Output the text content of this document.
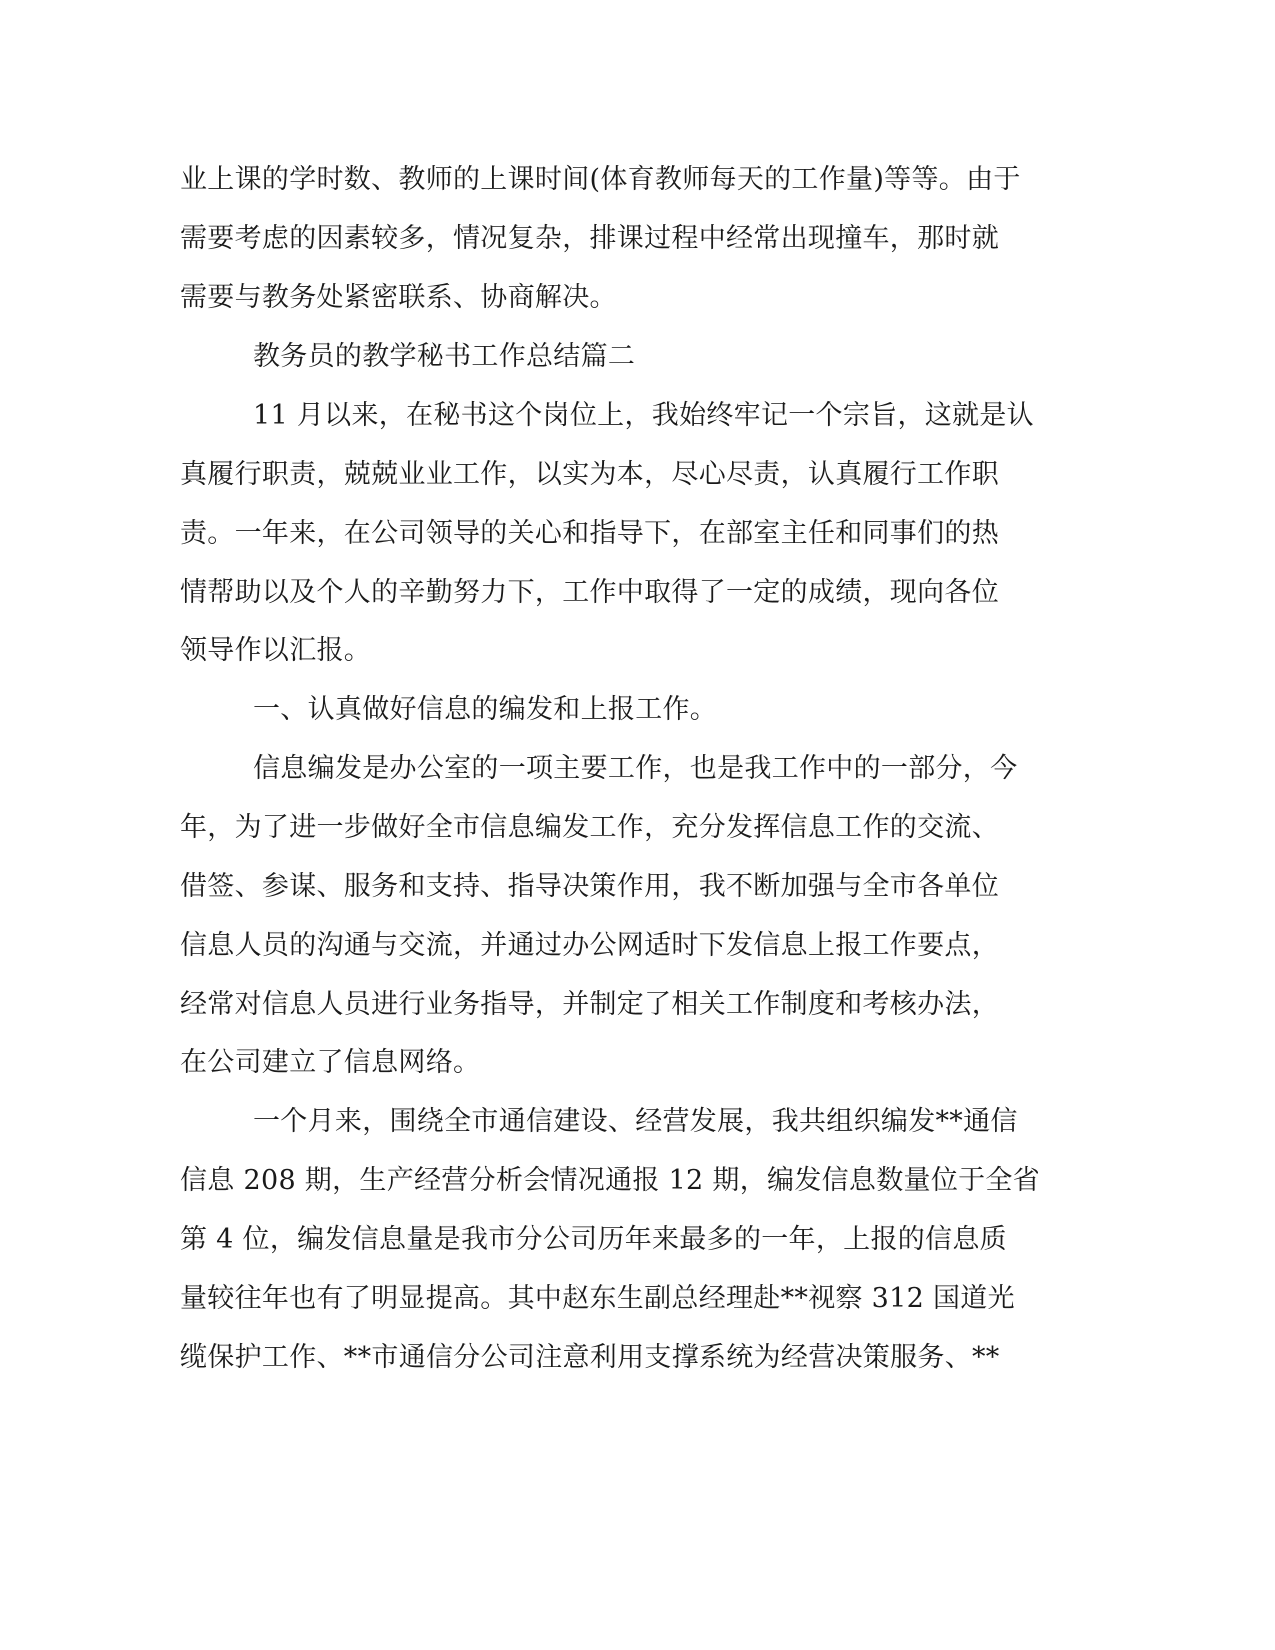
业上课的学时数、教师的上课时间(体育教师每天的工作量)等等。由于
需要考虑的因素较多，情况复杂，排课过程中经常出现撞车，那时就
需要与教务处紧密联系、协商解决。
教务员的教学秘书工作总结篇二
11 月以来，在秘书这个岗位上，我始终牢记一个宗旨，这就是认
真履行职责，兢兢业业工作，以实为本，尽心尽责，认真履行工作职
责。一年来，在公司领导的关心和指导下，在部室主任和同事们的热
情帮助以及个人的辛勤努力下，工作中取得了一定的成绩，现向各位
领导作以汇报。
一、认真做好信息的编发和上报工作。
信息编发是办公室的一项主要工作，也是我工作中的一部分，今
年，为了进一步做好全市信息编发工作，充分发挥信息工作的交流、
借签、参谋、服务和支持、指导决策作用，我不断加强与全市各单位
信息人员的沟通与交流，并通过办公网适时下发信息上报工作要点，
经常对信息人员进行业务指导，并制定了相关工作制度和考核办法，
在公司建立了信息网络。
一个月来，围绕全市通信建设、经营发展，我共组织编发**通信
信息 208 期，生产经营分析会情况通报 12 期，编发信息数量位于全省
第 4 位，编发信息量是我市分公司历年来最多的一年，上报的信息质
量较往年也有了明显提高。其中赵东生副总经理赴**视察 312 国道光
缆保护工作、**市通信分公司注意利用支撑系统为经营决策服务、**
